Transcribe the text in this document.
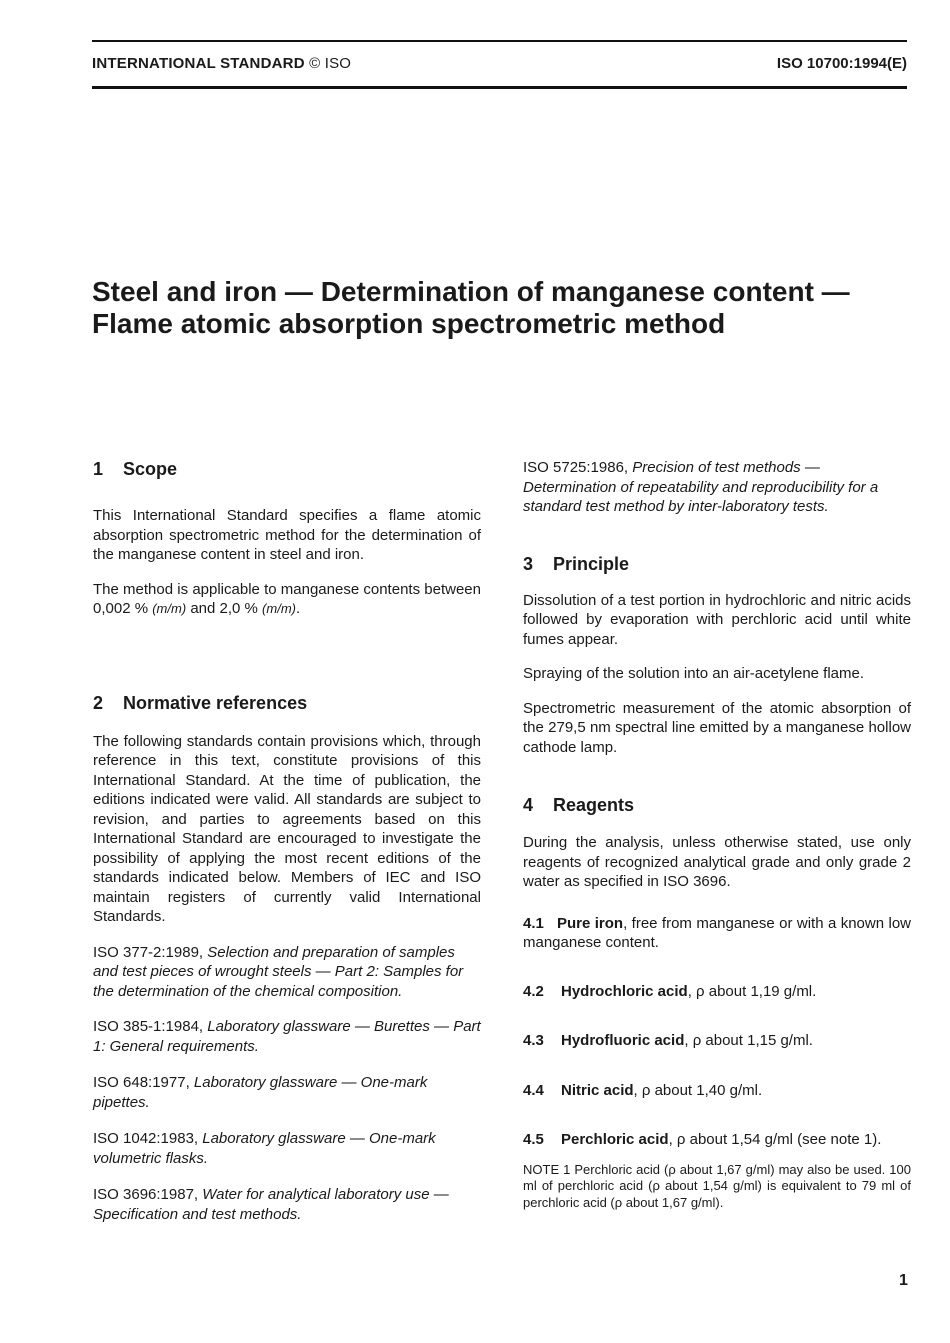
INTERNATIONAL STANDARD © ISO	ISO 10700:1994(E)
Steel and iron — Determination of manganese content — Flame atomic absorption spectrometric method
1 Scope

This International Standard specifies a flame atomic absorption spectrometric method for the determination of the manganese content in steel and iron.

The method is applicable to manganese contents between 0,002 % (m/m) and 2,0 % (m/m).

2 Normative references

The following standards contain provisions which, through reference in this text, constitute provisions of this International Standard. At the time of publication, the editions indicated were valid. All standards are subject to revision, and parties to agreements based on this International Standard are encouraged to investigate the possibility of applying the most recent editions of the standards indicated below. Members of IEC and ISO maintain registers of currently valid International Standards.

ISO 377-2:1989, Selection and preparation of samples and test pieces of wrought steels — Part 2: Samples for the determination of the chemical composition.

ISO 385-1:1984, Laboratory glassware — Burettes — Part 1: General requirements.

ISO 648:1977, Laboratory glassware — One-mark pipettes.

ISO 1042:1983, Laboratory glassware — One-mark volumetric flasks.

ISO 3696:1987, Water for analytical laboratory use — Specification and test methods.

ISO 5725:1986, Precision of test methods — Determination of repeatability and reproducibility for a standard test method by inter-laboratory tests.

3 Principle

Dissolution of a test portion in hydrochloric and nitric acids followed by evaporation with perchloric acid until white fumes appear.

Spraying of the solution into an air-acetylene flame.

Spectrometric measurement of the atomic absorption of the 279,5 nm spectral line emitted by a manganese hollow cathode lamp.

4 Reagents

During the analysis, unless otherwise stated, use only reagents of recognized analytical grade and only grade 2 water as specified in ISO 3696.

4.1 Pure iron, free from manganese or with a known low manganese content.

4.2 Hydrochloric acid, ρ about 1,19 g/ml.

4.3 Hydrofluoric acid, ρ about 1,15 g/ml.

4.4 Nitric acid, ρ about 1,40 g/ml.

4.5 Perchloric acid, ρ about 1,54 g/ml (see note 1).

NOTE 1 Perchloric acid (ρ about 1,67 g/ml) may also be used. 100 ml of perchloric acid (ρ about 1,54 g/ml) is equivalent to 79 ml of perchloric acid (ρ about 1,67 g/ml).

1
